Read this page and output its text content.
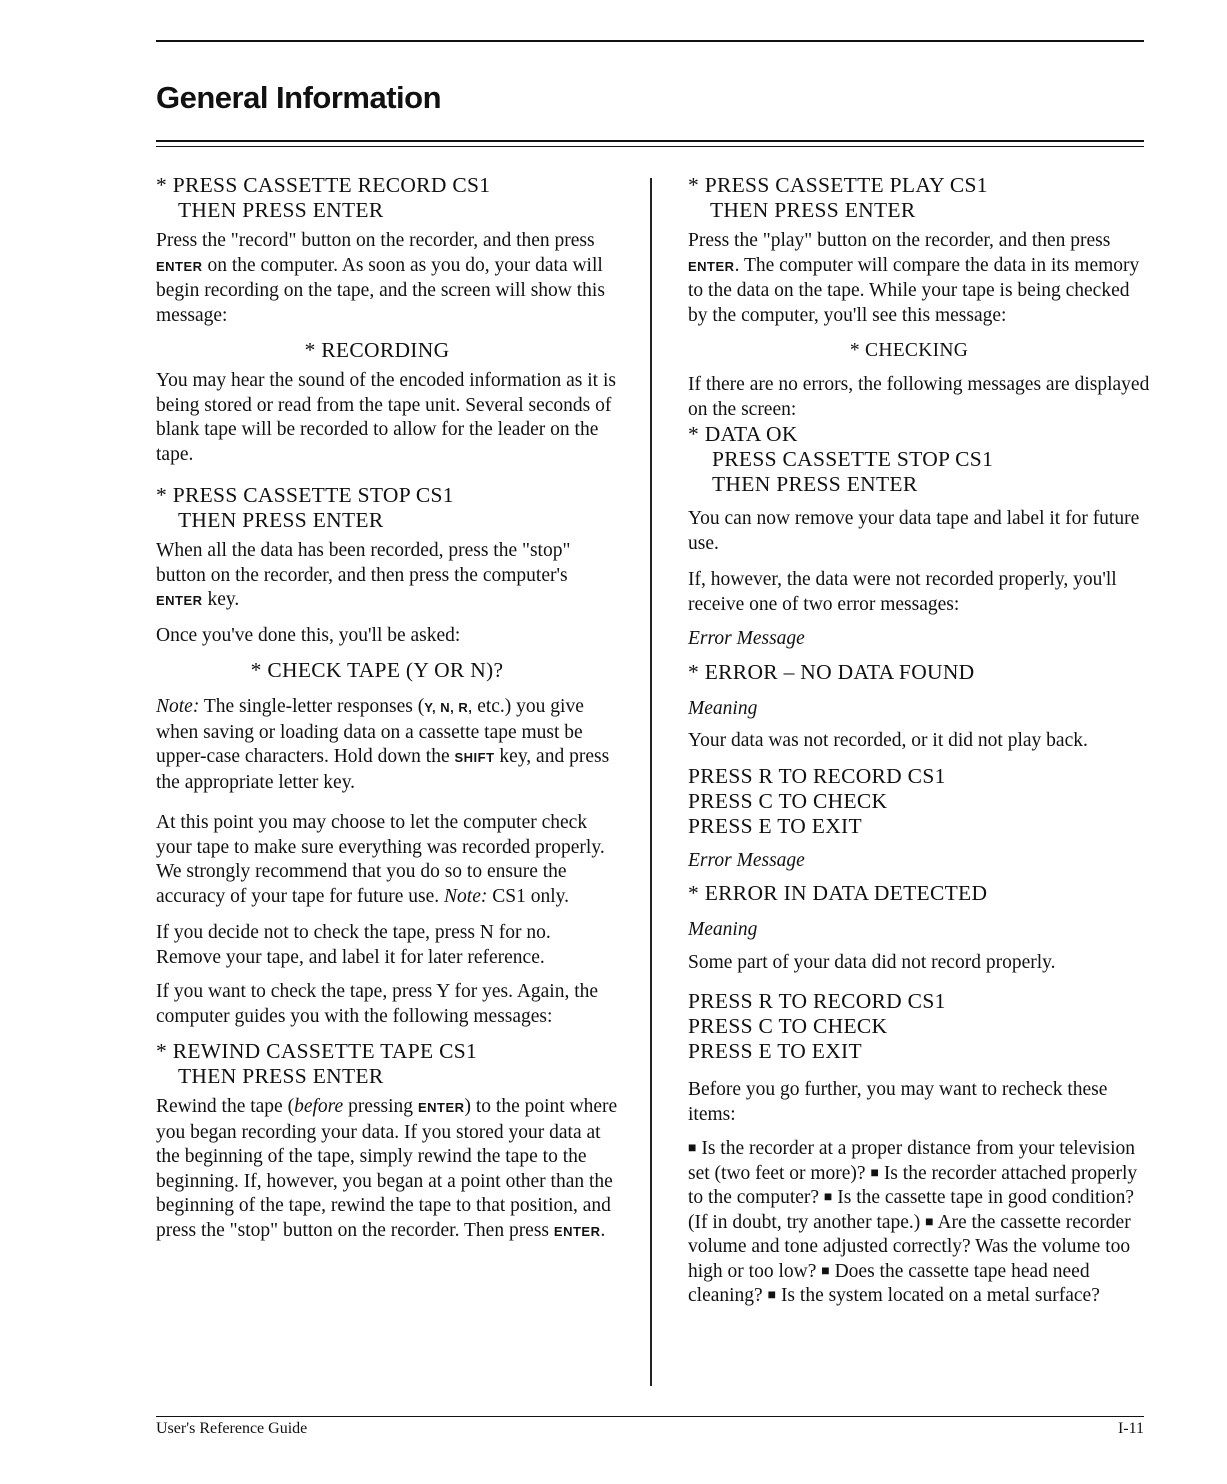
General Information
* PRESS CASSETTE RECORD CS1
THEN PRESS ENTER

Press the "record" button on the recorder, and then press ENTER on the computer. As soon as you do, your data will begin recording on the tape, and the screen will show this message:

* RECORDING

You may hear the sound of the encoded information as it is being stored or read from the tape unit. Several seconds of blank tape will be recorded to allow for the leader on the tape.

* PRESS CASSETTE STOP CS1
THEN PRESS ENTER

When all the data has been recorded, press the "stop" button on the recorder, and then press the computer's ENTER key.

Once you've done this, you'll be asked:

* CHECK TAPE (Y OR N)?

Note: The single-letter responses (Y, N, R, etc.) you give when saving or loading data on a cassette tape must be upper-case characters. Hold down the SHIFT key, and press the appropriate letter key.

At this point you may choose to let the computer check your tape to make sure everything was recorded properly. We strongly recommend that you do so to ensure the accuracy of your tape for future use. Note: CS1 only.

If you decide not to check the tape, press N for no. Remove your tape, and label it for later reference.

If you want to check the tape, press Y for yes. Again, the computer guides you with the following messages:

* REWIND CASSETTE TAPE CS1
THEN PRESS ENTER

Rewind the tape (before pressing ENTER) to the point where you began recording your data. If you stored your data at the beginning of the tape, simply rewind the tape to the beginning. If, however, you began at a point other than the beginning of the tape, rewind the tape to that position, and press the "stop" button on the recorder. Then press ENTER.

* PRESS CASSETTE PLAY CS1
THEN PRESS ENTER

Press the "play" button on the recorder, and then press ENTER. The computer will compare the data in its memory to the data on the tape. While your tape is being checked by the computer, you'll see this message:

* CHECKING

If there are no errors, the following messages are displayed on the screen:

* DATA OK
PRESS CASSETTE STOP CS1
THEN PRESS ENTER

You can now remove your data tape and label it for future use.

If, however, the data were not recorded properly, you'll receive one of two error messages:

Error Message
* ERROR – NO DATA FOUND
Meaning

Your data was not recorded, or it did not play back.

PRESS R TO RECORD CS1
PRESS C TO CHECK
PRESS E TO EXIT
Error Message
* ERROR IN DATA DETECTED
Meaning

Some part of your data did not record properly.

PRESS R TO RECORD CS1
PRESS C TO CHECK
PRESS E TO EXIT

Before you go further, you may want to recheck these items:

■ Is the recorder at a proper distance from your television set (two feet or more)? ■ Is the recorder attached properly to the computer? ■ Is the cassette tape in good condition? (If in doubt, try another tape.) ■ Are the cassette recorder volume and tone adjusted correctly? Was the volume too high or too low? ■ Does the cassette tape head need cleaning? ■ Is the system located on a metal surface?

User's Reference Guide	I-11
